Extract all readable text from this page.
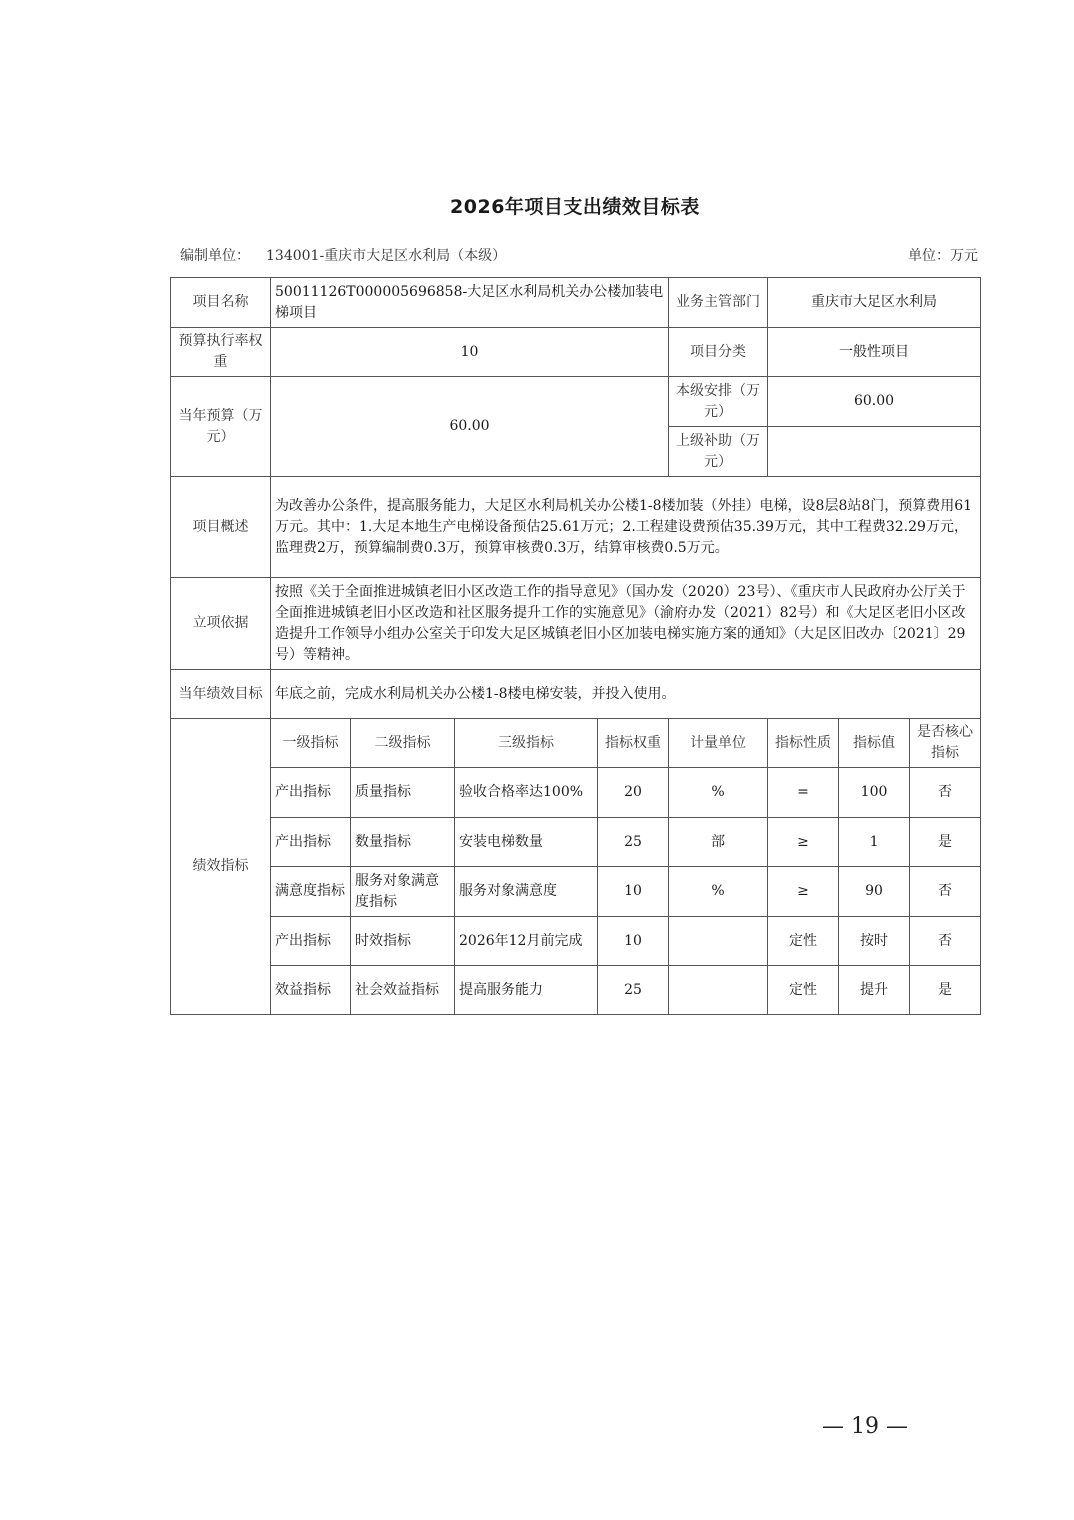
2026年项目支出绩效目标表
编制单位： 134001-重庆市大足区水利局（本级）	单位：万元
项目名称	50011126T000005696858-大足区水利局机关办公楼加装电梯项目				业务主管部门	重庆市大足区水利局		
预算执行率权重	10				项目分类	一般性项目		
当年预算（万元）	60.00				本级安排（万元）	60.00		
					上级补助（万元）			
项目概述	为改善办公条件，提高服务能力，大足区水利局机关办公楼1-8楼加装（外挂）电梯，设8层8站8门，预算费用61万元。其中：1.大足本地生产电梯设备预估25.61万元；2.工程建设费预估35.39万元，其中工程费32.29万元，监理费2万，预算编制费0.3万，预算审核费0.3万，结算审核费0.5万元。							
立项依据	按照《关于全面推进城镇老旧小区改造工作的指导意见》（国办发（2020）23号）、《重庆市人民政府办公厅关于全面推进城镇老旧小区改造和社区服务提升工作的实施意见》（渝府办发（2021）82号）和《大足区老旧小区改造提升工作领导小组办公室关于印发大足区城镇老旧小区加装电梯实施方案的通知》（大足区旧改办〔2021〕29号）等精神。							
当年绩效目标	年底之前，完成水利局机关办公楼1-8楼电梯安装，并投入使用。							
绩效指标	一级指标	二级指标	三级指标	指标权重	计量单位	指标性质	指标值	是否核心指标
	产出指标	质量指标	验收合格率达100%	20	%	=	100	否
	产出指标	数量指标	安装电梯数量	25	部	≥	1	是
	满意度指标	服务对象满意度指标	服务对象满意度	10	%	≥	90	否
	产出指标	时效指标	2026年12月前完成	10		定性	按时	否
	效益指标	社会效益指标	提高服务能力	25		定性	提升	是
— 19 —
